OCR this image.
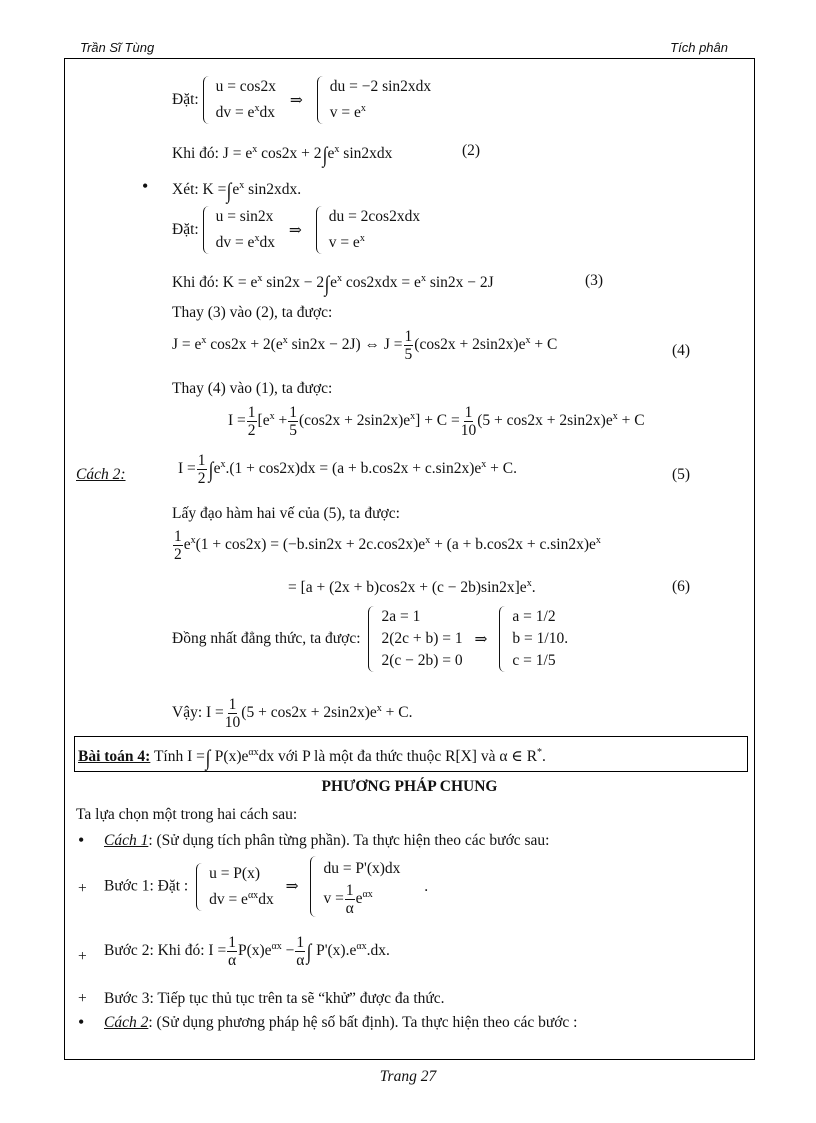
Trần Sĩ Tùng	Tích phân
Đặt:
u = cos2x
dv = $e^xdx$
⇒
du = −2 sin2xdx
$v = e^x$
Khi đó: $J = e^x$ $\cos 2x + 2\int e^x$ sin2xdx	(2)
• Xét: $K =\int e^x$ sin2xdx.
Đặt:
u = sin2x
dv = $e^xdx$
⇒
du = 2cos2xdx
$v = e^x$
Khi đó: $K = e^x$ $\sin 2x - 2\int e^x$ $\cos 2xdx = e^x$ sin2x − 2J	(3)
Thay (3) vào (2), ta được:
$J = e^x$ $\cos 2x + 2(e^x$ sin2x − 2J) ⇔ $J = \frac{1}{5} (\cos 2x + 2\sin 2x)e^x + C$	(4)
Thay (4) vào (1), ta được:
$I = \frac{1}{2} [e^x + \frac{1}{5} (\cos 2x + 2\sin 2x)e^x] + C = \frac{1}{10} (5 + \cos 2x + 2\sin 2x)e^x + C$
Cách 2:	$I = \frac{1}{2} \int e^x.(1 + \cos 2x)dx = (a + b.\cos 2x + c.\sin 2x)e^x + C$.	(5)
Lấy đạo hàm hai vế của (5), ta được:
$\frac{1}{2} e^x(1 + \cos 2x) = (-b.\sin 2x + 2c.\cos 2x)e^x + (a + b.\cos 2x + c.\sin 2x)e^x$
= $[a + (2x + b)\cos 2x + (c - 2b)\sin 2x]e^x$.	(6)
Đồng nhất đẳng thức, ta được:
2a = 1
2(2c + b) = 1
2(c − 2b) = 0
⇒
a = 1/2
b = 1/10.
c = 1/5
Vậy: $I = \frac{1}{10} (5 + \cos 2x + 2\sin 2x)e^x + C$.
Bài toán 4: Tính I =∫ $P(x)e^{\alpha x}dx$ với P là một đa thức thuộc R[X] và α ∈ R*.
PHƯƠNG PHÁP CHUNG
Ta lựa chọn một trong hai cách sau:
• Cách 1: (Sử dụng tích phân từng phần). Ta thực hiện theo các bước sau:
+ Bước 1: Đặt :
u = P(x)
dv = $e^{\alpha x}dx$
⇒
du = P'(x)dx
$v = \frac{1}{\alpha} e^{\alpha x}$
.
+ Bước 2: Khi đó: $I = \frac{1}{\alpha} P(x)e^{\alpha x} - \frac{1}{\alpha}$ ∫ $P'(x).e^{\alpha x}.dx$.
+ Bước 3: Tiếp tục thủ tục trên ta sẽ “khử” được đa thức.
• Cách 2: (Sử dụng phương pháp hệ số bất định). Ta thực hiện theo các bước :
Trang 27
